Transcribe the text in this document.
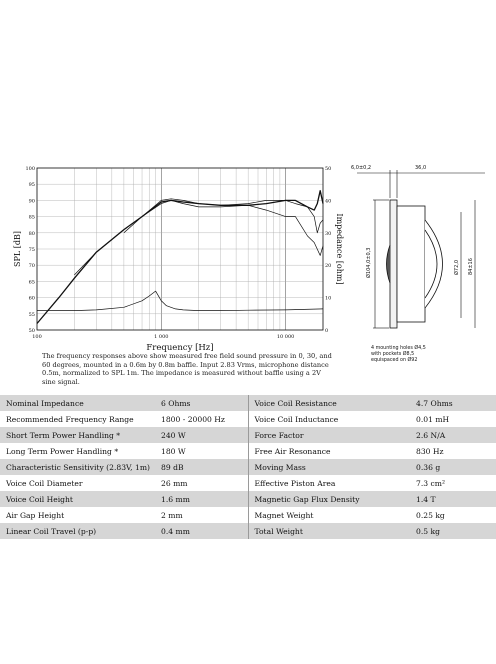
50
55
60
65
70
75
80
85
90
95
100
0
10
20
30
40
50
100	1 000	10 000
Frequency [Hz]
SPL [dB]	Impedance [ohm]
The frequency responses above show measured free field sound pressure in 0, 30, and 60 degrees, mounted in a 0.6m by 0.8m baffle. Input 2.83 Vrms, microphone distance 0.5m, normalized to SPL 1m. The impedance is measured without baffle using a 2V sine signal.
6,0±0,2	36,0
Ø104,0±0,3	Ø72,0 84±16
4 mounting holes Ø4,5
with pockets Ø8,5
equispaced on Ø92
Nominal Impedance	6 Ohms	Voice Coil Resistance	4.7 Ohms
Recommended Frequency Range	1800 - 20000 Hz	Voice Coil Inductance	0.01 mH
Short Term Power Handling *	240 W	Force Factor	2.6 N/A
Long Term Power Handling *	180 W	Free Air Resonance	830 Hz
Characteristic Sensitivity (2.83V, 1m)	89 dB	Moving Mass	0.36 g
Voice Coil Diameter	26 mm	Effective Piston Area	7.3 cm²
Voice Coil Height	1.6 mm	Magnetic Gap Flux Density	1.4 T
Air Gap Height	2 mm	Magnet Weight	0.25 kg
Linear Coil Travel (p-p)	0.4 mm	Total Weight	0.5 kg
